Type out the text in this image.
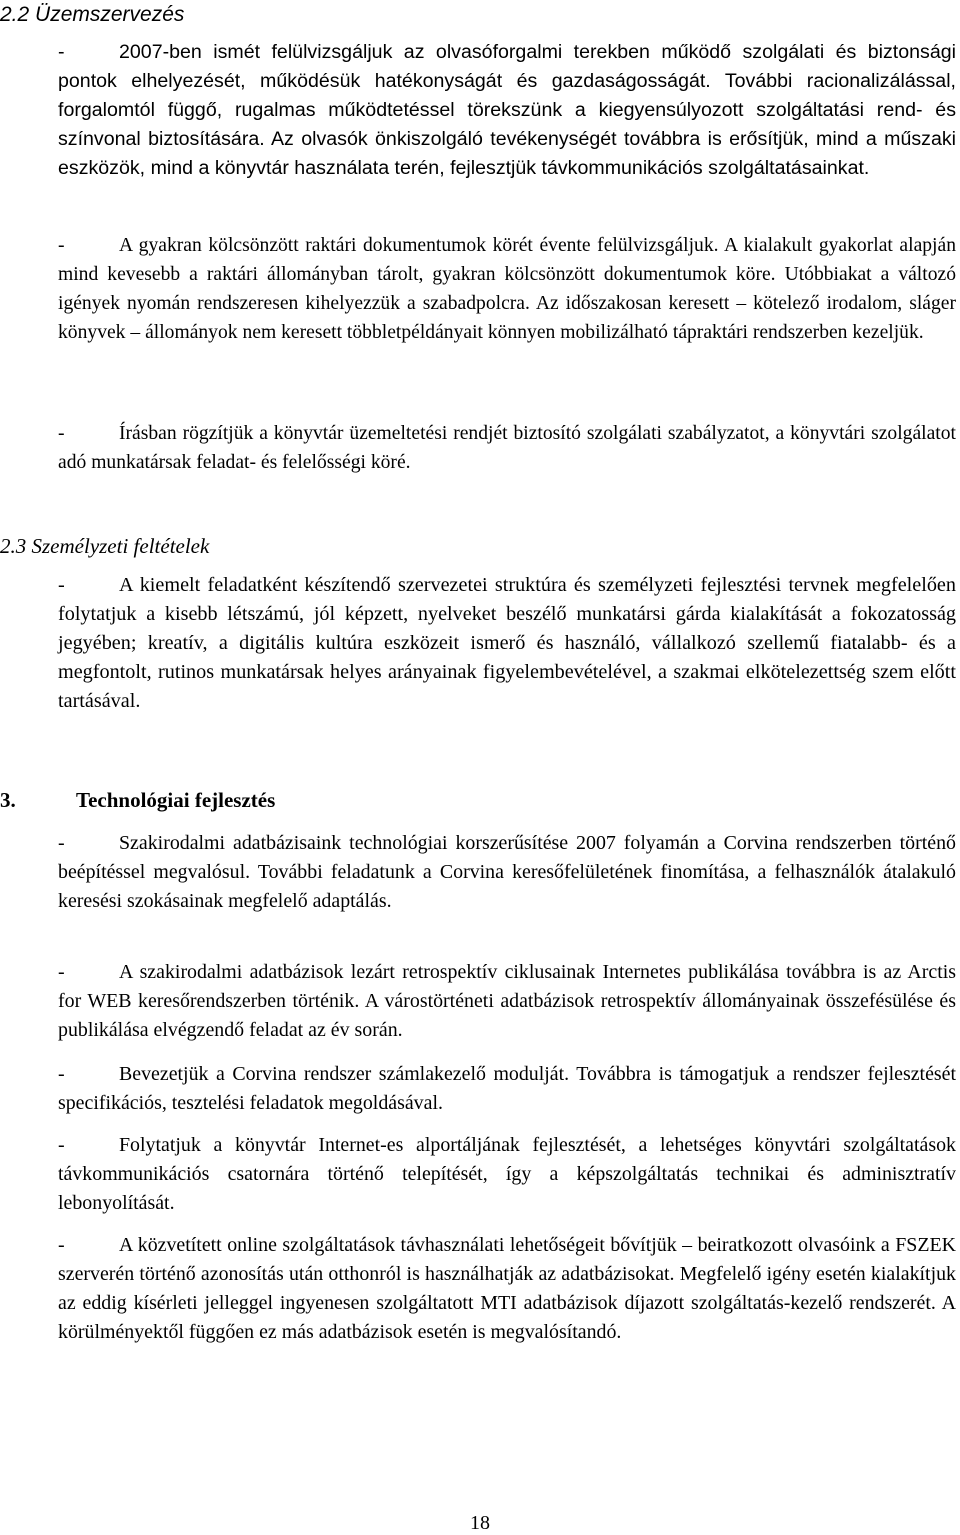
2.2 Üzemszervezés

-	2007-ben ismét felülvizsgáljuk az olvasóforgalmi terekben működő szolgálati és biztonsági pontok elhelyezését, működésük hatékonyságát és gazdaságosságát. További racionalizálással, forgalomtól függő, rugalmas működtetéssel törekszünk a kiegyensúlyozott szolgáltatási rend- és színvonal biztosítására. Az olvasók önkiszolgáló tevékenységét továbbra is erősítjük, mind a műszaki eszközök, mind a könyvtár használata terén, fejlesztjük távkommunikációs szolgáltatásainkat.

-	A gyakran kölcsönzött raktári dokumentumok körét évente felülvizsgáljuk. A kialakult gyakorlat alapján mind kevesebb a raktári állományban tárolt, gyakran kölcsönzött dokumentumok köre. Utóbbiakat a változó igények nyomán rendszeresen kihelyezzük a szabadpolcra. Az időszakosan keresett – kötelező irodalom, sláger könyvek – állományok nem keresett többletpéldányait könnyen mobilizálható tápraktári rendszerben kezeljük.

-	Írásban rögzítjük a könyvtár üzemeltetési rendjét biztosító szolgálati szabályzatot, a könyvtári szolgálatot adó munkatársak feladat- és felelősségi köré.

2.3 Személyzeti feltételek

-	A kiemelt feladatként készítendő szervezetei struktúra és személyzeti fejlesztési tervnek megfelelően folytatjuk a kisebb létszámú, jól képzett, nyelveket beszélő munkatársi gárda kialakítását a fokozatosság jegyében; kreatív, a digitális kultúra eszközeit ismerő és használó, vállalkozó szellemű fiatalabb- és a megfontolt, rutinos munkatársak helyes arányainak figyelembevételével, a szakmai elkötelezettség szem előtt tartásával.

3.	Technológiai fejlesztés

-	Szakirodalmi adatbázisaink technológiai korszerűsítése 2007 folyamán a Corvina rendszerben történő beépítéssel megvalósul. További feladatunk a Corvina keresőfelületének finomítása, a felhasználók átalakuló keresési szokásainak megfelelő adaptálás.

-	A szakirodalmi adatbázisok lezárt retrospektív ciklusainak Internetes publikálása továbbra is az Arctis for WEB keresőrendszerben történik. A várostörténeti adatbázisok retrospektív állományainak összefésülése és publikálása elvégzendő feladat az év során.

-	Bevezetjük a Corvina rendszer számlakezelő modulját. Továbbra is támogatjuk a rendszer fejlesztését specifikációs, tesztelési feladatok megoldásával.

-	Folytatjuk a könyvtár Internet-es alportáljának fejlesztését, a lehetséges könyvtári szolgáltatások távkommunikációs csatornára történő telepítését, így a képszolgáltatás technikai és adminisztratív lebonyolítását.

-	A közvetített online szolgáltatások távhasználati lehetőségeit bővítjük – beiratkozott olvasóink a FSZEK szerverén történő azonosítás után otthonról is használhatják az adatbázisokat. Megfelelő igény esetén kialakítjuk az eddig kísérleti jelleggel ingyenesen szolgáltatott MTI adatbázisok díjazott szolgáltatás-kezelő rendszerét. A körülményektől függően ez más adatbázisok esetén is megvalósítandó.

18
